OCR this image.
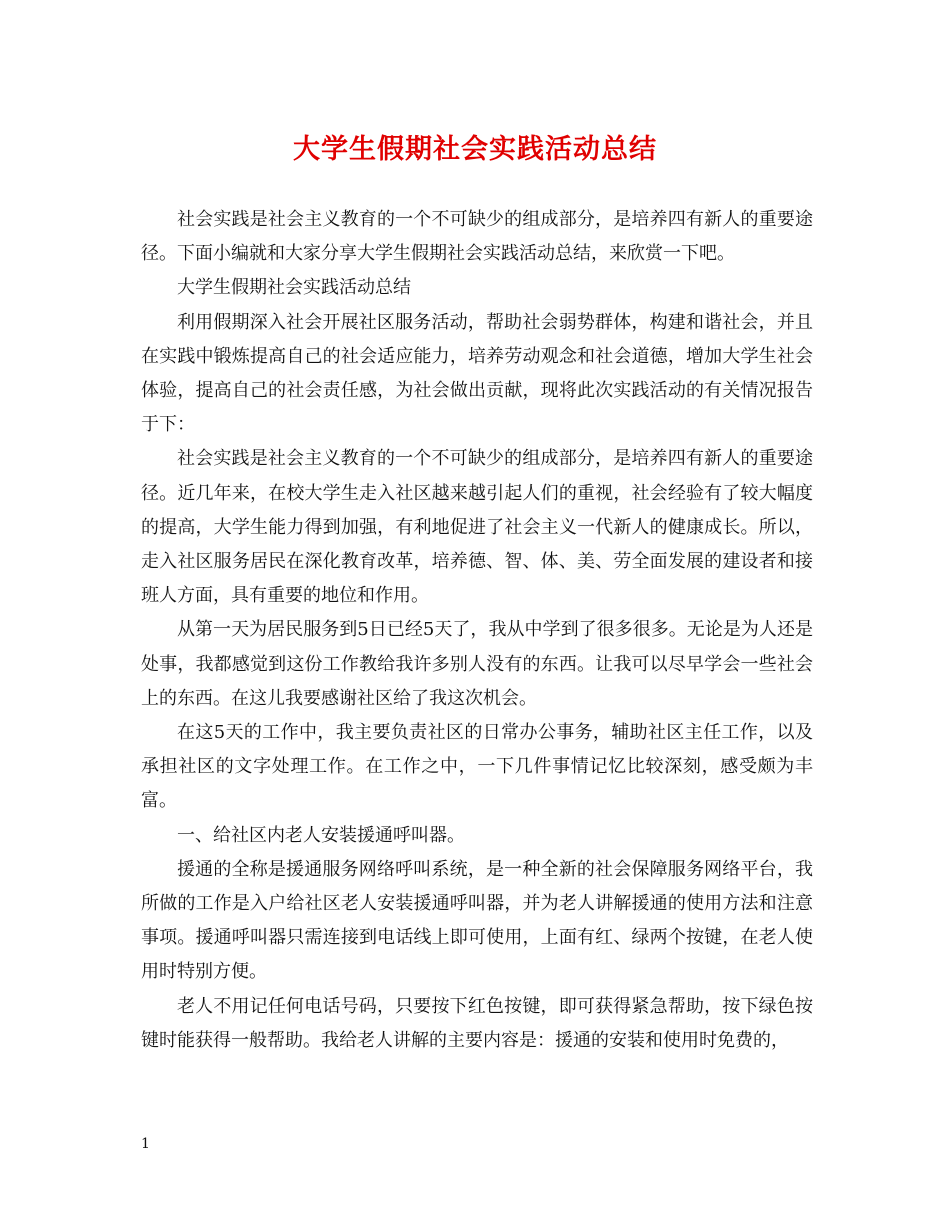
大学生假期社会实践活动总结

社会实践是社会主义教育的一个不可缺少的组成部分，是培养四有新人的重要途径。下面小编就和大家分享大学生假期社会实践活动总结，来欣赏一下吧。

大学生假期社会实践活动总结

利用假期深入社会开展社区服务活动，帮助社会弱势群体，构建和谐社会，并且在实践中锻炼提高自己的社会适应能力，培养劳动观念和社会道德，增加大学生社会体验，提高自己的社会责任感，为社会做出贡献，现将此次实践活动的有关情况报告于下：

社会实践是社会主义教育的一个不可缺少的组成部分，是培养四有新人的重要途径。近几年来，在校大学生走入社区越来越引起人们的重视，社会经验有了较大幅度的提高，大学生能力得到加强，有利地促进了社会主义一代新人的健康成长。所以，走入社区服务居民在深化教育改革，培养德、智、体、美、劳全面发展的建设者和接班人方面，具有重要的地位和作用。

从第一天为居民服务到5日已经5天了，我从中学到了很多很多。无论是为人还是处事，我都感觉到这份工作教给我许多别人没有的东西。让我可以尽早学会一些社会上的东西。在这儿我要感谢社区给了我这次机会。

在这5天的工作中，我主要负责社区的日常办公事务，辅助社区主任工作，以及承担社区的文字处理工作。在工作之中，一下几件事情记忆比较深刻，感受颇为丰富。

一、给社区内老人安装援通呼叫器。

援通的全称是援通服务网络呼叫系统，是一种全新的社会保障服务网络平台，我所做的工作是入户给社区老人安装援通呼叫器，并为老人讲解援通的使用方法和注意事项。援通呼叫器只需连接到电话线上即可使用，上面有红、绿两个按键，在老人使用时特别方便。

老人不用记任何电话号码，只要按下红色按键，即可获得紧急帮助，按下绿色按键时能获得一般帮助。我给老人讲解的主要内容是：援通的安装和使用时免费的，

1
